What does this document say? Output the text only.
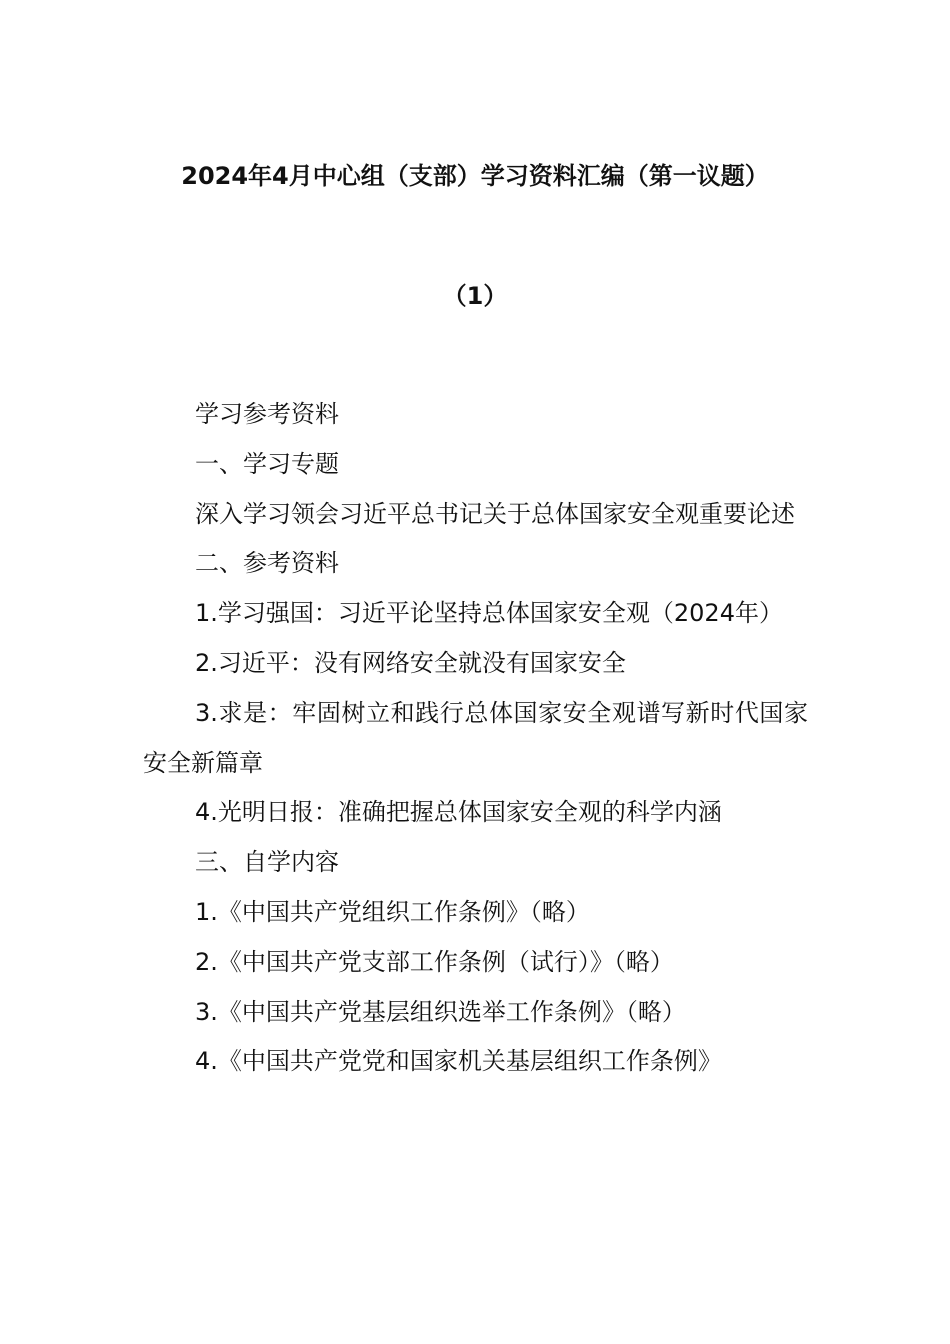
2024年4月中心组（支部）学习资料汇编（第一议题）
（1）

学习参考资料

一、学习专题

深入学习领会习近平总书记关于总体国家安全观重要论述

二、参考资料

1.学习强国：习近平论坚持总体国家安全观（2024年）

2.习近平：没有网络安全就没有国家安全

3.求是：牢固树立和践行总体国家安全观谱写新时代国家安全新篇章

4.光明日报：准确把握总体国家安全观的科学内涵

三、自学内容

1.《中国共产党组织工作条例》（略）

2.《中国共产党支部工作条例（试行）》（略）

3.《中国共产党基层组织选举工作条例》（略）

4.《中国共产党党和国家机关基层组织工作条例》
